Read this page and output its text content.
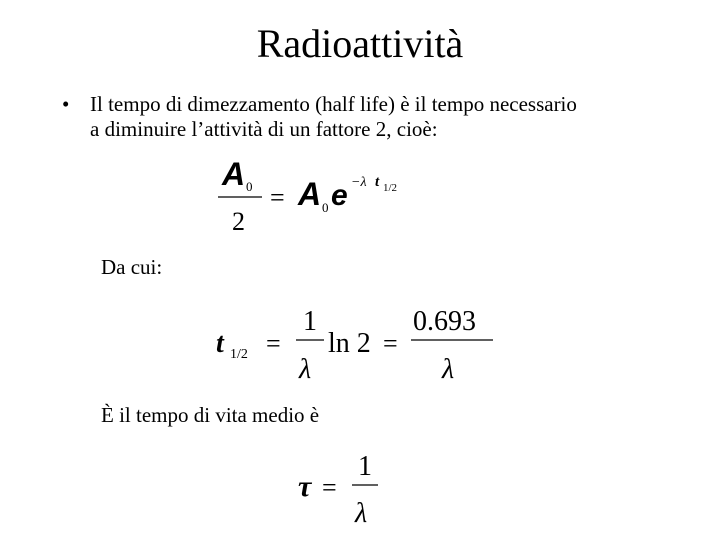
Radioattività
• Il tempo di dimezzamento (half life) è il tempo necessario
a diminuire l’attività di un fattore 2, cioè:
A 0
2
= A 0 e −λ t 1/2
Da cui:
t 1/2 =
1
λ
ln 2 =
0.693
λ
È il tempo di vita medio è
τ =
1
λ
